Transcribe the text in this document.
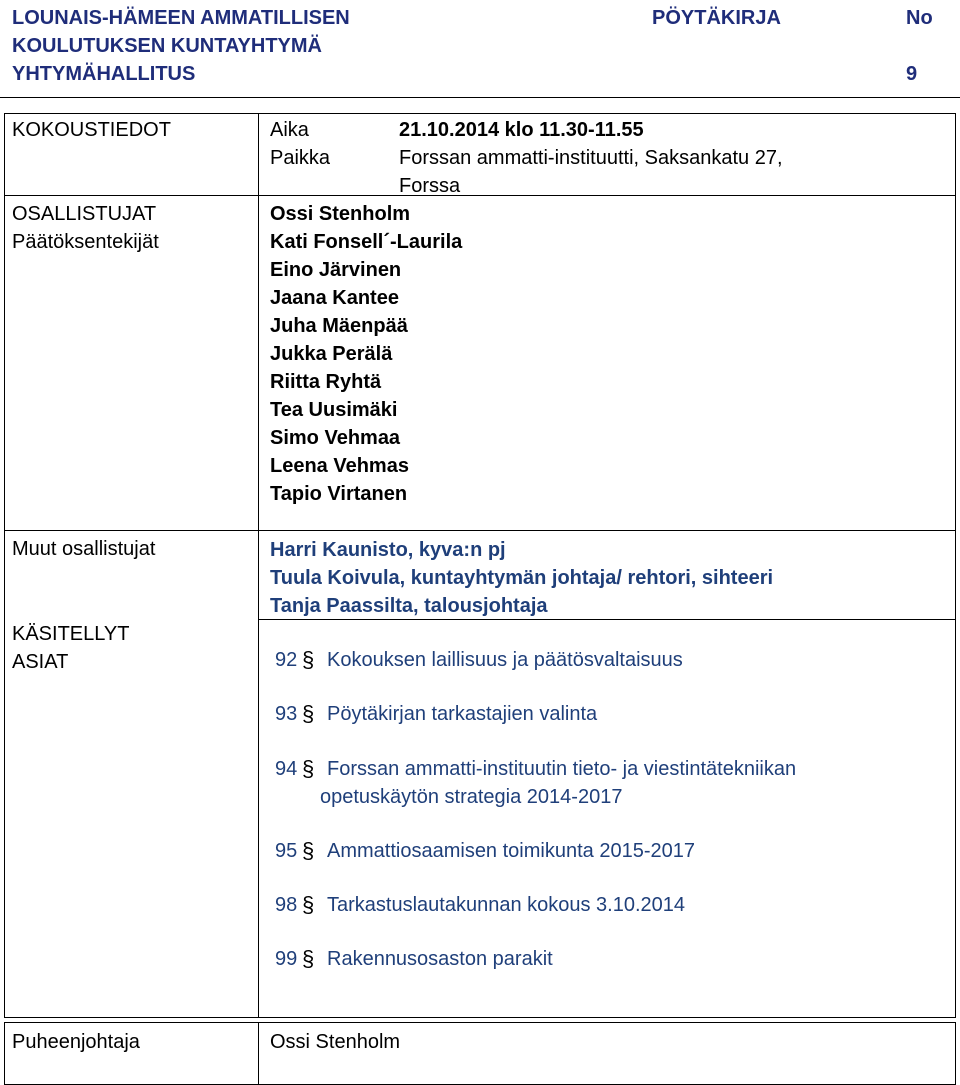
LOUNAIS-HÄMEEN AMMATILLISEN
KOULUTUKSEN KUNTAYHTYMÄ
YHTYMÄHALLITUS
PÖYTÄKIRJA	No
9
KOKOUSTIEDOT	Aika	21.10.2014 klo 11.30-11.55
Paikka	Forssan ammatti-instituutti, Saksankatu 27,
Forssa
OSALLISTUJAT
Päätöksentekijät
Ossi Stenholm
Kati Fonsell´-Laurila
Eino Järvinen
Jaana Kantee
Juha Mäenpää
Jukka Perälä
Riitta Ryhtä
Tea Uusimäki
Simo Vehmaa
Leena Vehmas
Tapio Virtanen
Muut osallistujat	Harri Kaunisto, kyva:n pj
Tuula Koivula, kuntayhtymän johtaja/ rehtori, sihteeri
Tanja Paassilta, talousjohtaja
KÄSITELLYT
ASIAT	92 § Kokouksen laillisuus ja päätösvaltaisuus
93 § Pöytäkirjan tarkastajien valinta
94 § Forssan ammatti-instituutin tieto- ja viestintätekniikan
opetuskäytön strategia 2014-2017
95 § Ammattiosaamisen toimikunta 2015-2017
98 § Tarkastuslautakunnan kokous 3.10.2014
99 § Rakennusosaston parakit
Puheenjohtaja	Ossi Stenholm
